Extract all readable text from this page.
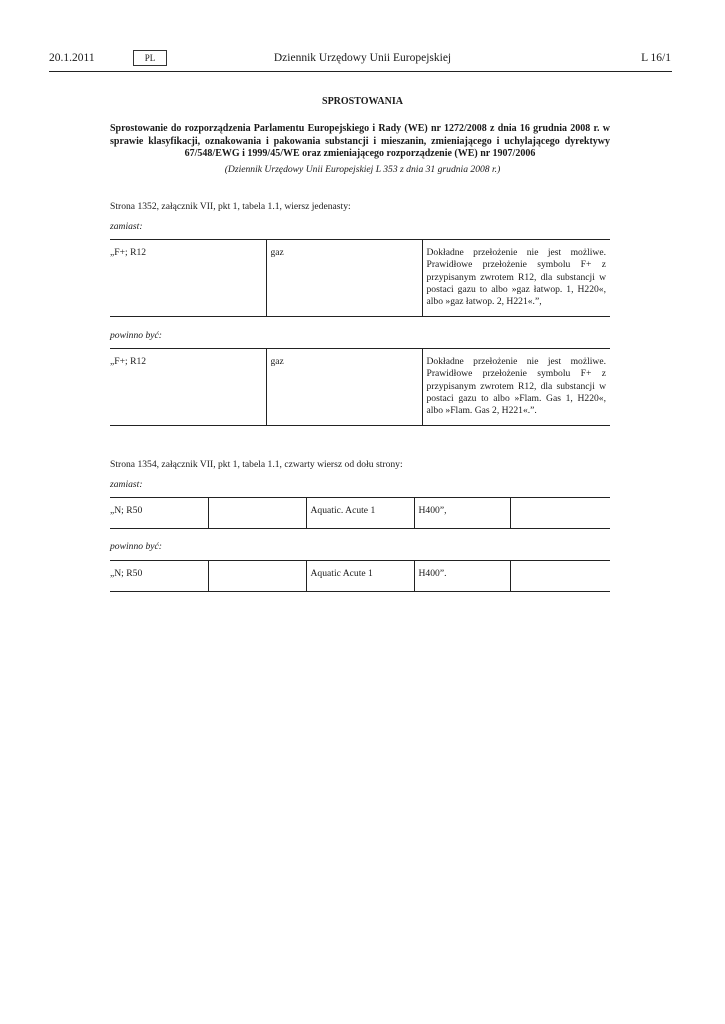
20.1.2011	PL	Dziennik Urzędowy Unii Europejskiej	L 16/1
SPROSTOWANIA
Sprostowanie do rozporządzenia Parlamentu Europejskiego i Rady (WE) nr 1272/2008 z dnia 16 grudnia 2008 r. w sprawie klasyfikacji, oznakowania i pakowania substancji i mieszanin, zmieniającego i uchylającego dyrektywy 67/548/EWG i 1999/45/WE oraz zmieniającego rozporządzenie (WE) nr 1907/2006
(Dziennik Urzędowy Unii Europejskiej L 353 z dnia 31 grudnia 2008 r.)
Strona 1352, załącznik VII, pkt 1, tabela 1.1, wiersz jedenasty:
zamiast:
„F+; R12	gaz	Dokładne przełożenie nie jest możliwe. Prawidłowe przełożenie symbolu F+ z przypisanym zwrotem R12, dla substancji w postaci gazu to albo »gaz łatwop. 1, H220«, albo »gaz łatwop. 2, H221«.”,
powinno być:
„F+; R12	gaz	Dokładne przełożenie nie jest możliwe. Prawidłowe przełożenie symbolu F+ z przypisanym zwrotem R12, dla substancji w postaci gazu to albo »Flam. Gas 1, H220«, albo »Flam. Gas 2, H221«.”.
Strona 1354, załącznik VII, pkt 1, tabela 1.1, czwarty wiersz od dołu strony:
zamiast:
„N; R50		Aquatic. Acute 1	H400”,	
powinno być:
„N; R50		Aquatic Acute 1	H400”.	
